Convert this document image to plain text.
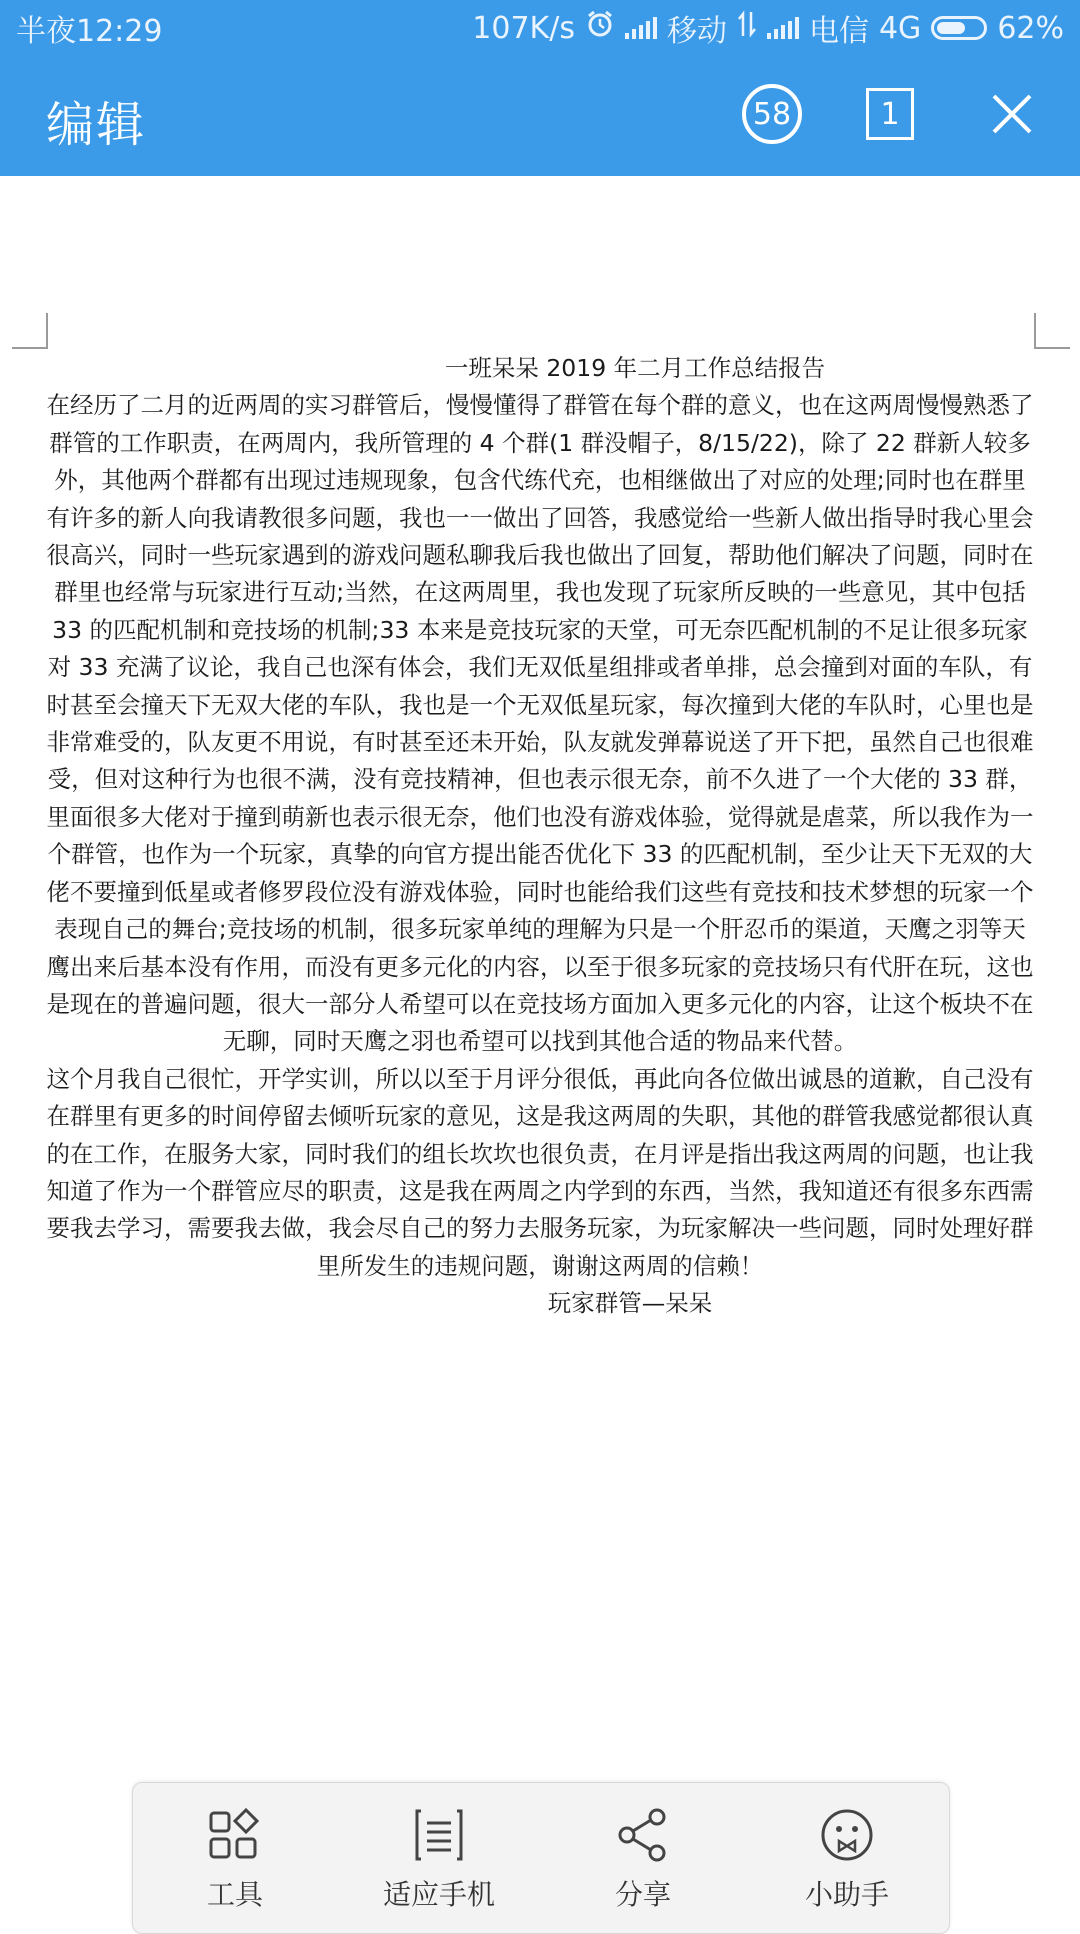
半夜12:29	107K/s	移动	电信 4G	62%
编辑	58	1

一班呆呆 2019 年二月工作总结报告

在经历了二月的近两周的实习群管后，慢慢懂得了群管在每个群的意义，也在这两周慢慢熟悉了群管的工作职责，在两周内，我所管理的 4 个群(1 群没帽子，8/15/22)，除了 22 群新人较多外，其他两个群都有出现过违规现象，包含代练代充，也相继做出了对应的处理;同时也在群里有许多的新人向我请教很多问题，我也一一做出了回答，我感觉给一些新人做出指导时我心里会很高兴，同时一些玩家遇到的游戏问题私聊我后我也做出了回复，帮助他们解决了问题，同时在群里也经常与玩家进行互动;当然，在这两周里，我也发现了玩家所反映的一些意见，其中包括 33 的匹配机制和竞技场的机制;33 本来是竞技玩家的天堂，可无奈匹配机制的不足让很多玩家对 33 充满了议论，我自己也深有体会，我们无双低星组排或者单排，总会撞到对面的车队，有时甚至会撞天下无双大佬的车队，我也是一个无双低星玩家，每次撞到大佬的车队时，心里也是非常难受的，队友更不用说，有时甚至还未开始，队友就发弹幕说送了开下把，虽然自己也很难受，但对这种行为也很不满，没有竞技精神，但也表示很无奈，前不久进了一个大佬的 33 群，里面很多大佬对于撞到萌新也表示很无奈，他们也没有游戏体验，觉得就是虐菜，所以我作为一个群管，也作为一个玩家，真挚的向官方提出能否优化下 33 的匹配机制，至少让天下无双的大佬不要撞到低星或者修罗段位没有游戏体验，同时也能给我们这些有竞技和技术梦想的玩家一个表现自己的舞台;竞技场的机制，很多玩家单纯的理解为只是一个肝忍币的渠道，天鹰之羽等天鹰出来后基本没有作用，而没有更多元化的内容，以至于很多玩家的竞技场只有代肝在玩，这也是现在的普遍问题，很大一部分人希望可以在竞技场方面加入更多元化的内容，让这个板块不在无聊，同时天鹰之羽也希望可以找到其他合适的物品来代替。

这个月我自己很忙，开学实训，所以以至于月评分很低，再此向各位做出诚恳的道歉，自己没有在群里有更多的时间停留去倾听玩家的意见，这是我这两周的失职，其他的群管我感觉都很认真的在工作，在服务大家，同时我们的组长坎坎也很负责，在月评是指出我这两周的问题，也让我知道了作为一个群管应尽的职责，这是我在两周之内学到的东西，当然，我知道还有很多东西需要我去学习，需要我去做，我会尽自己的努力去服务玩家，为玩家解决一些问题，同时处理好群里所发生的违规问题，谢谢这两周的信赖！

玩家群管—呆呆

工具	适应手机	分享	小助手
